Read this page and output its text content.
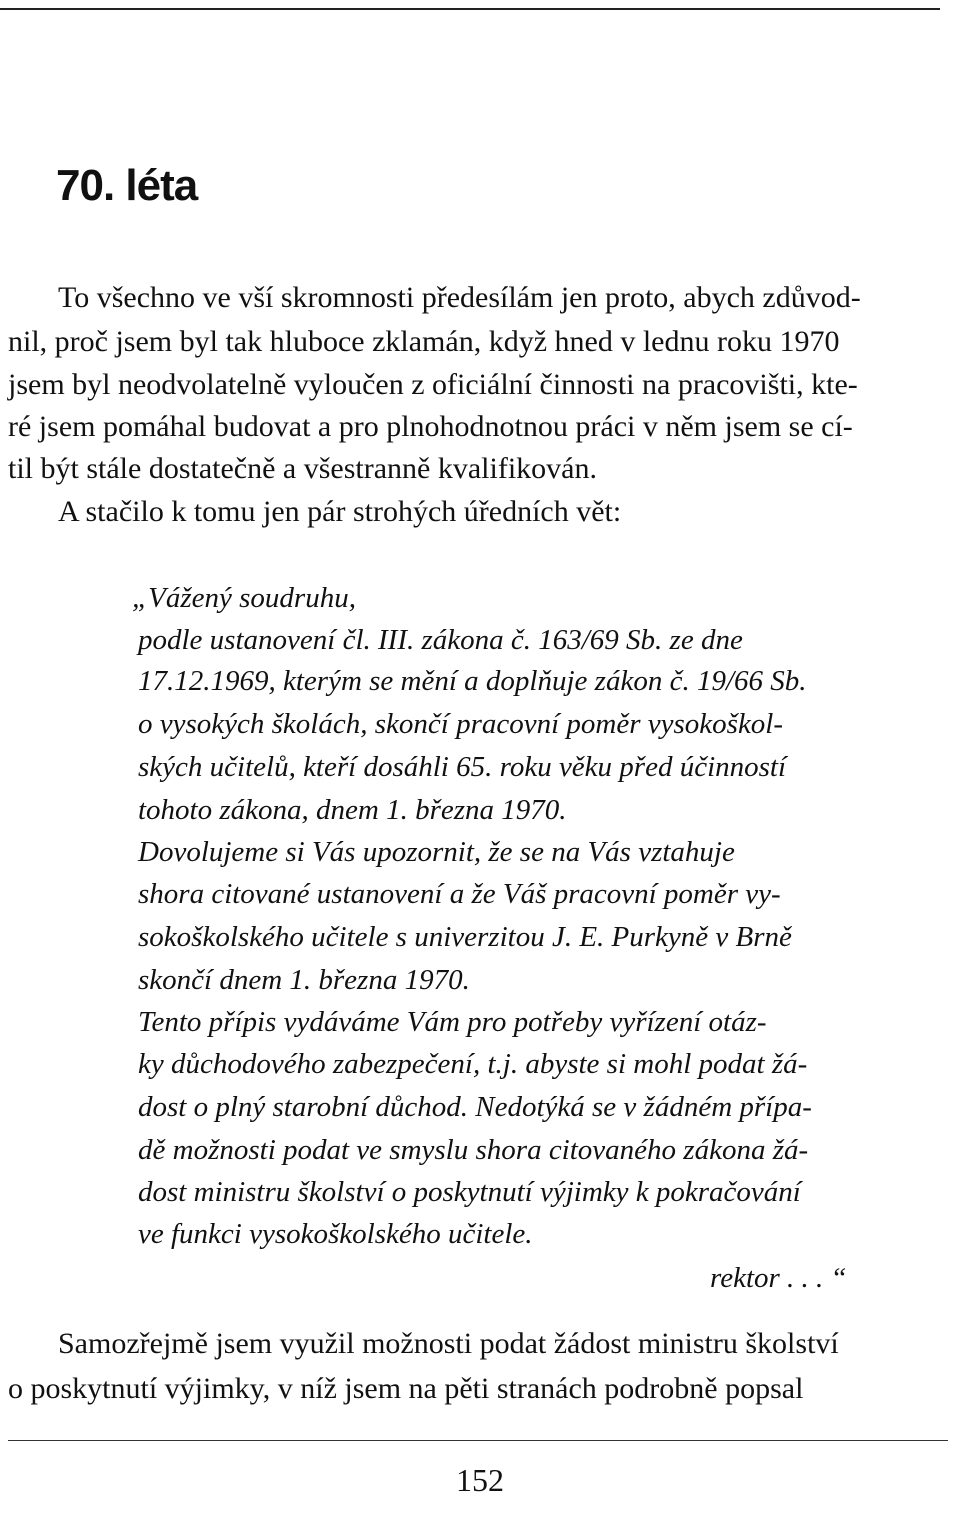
70. léta

To všechno ve vší skromnosti předesílám jen proto, abych zdůvod-

nil, proč jsem byl tak hluboce zklamán, když hned v lednu roku 1970

jsem byl neodvolatelně vyloučen z oficiální činnosti na pracovišti, kte-

ré jsem pomáhal budovat a pro plnohodnotnou práci v něm jsem se cí-

til být stále dostatečně a všestranně kvalifikován.

A stačilo k tomu jen pár strohých úředních vět:

„Vážený soudruhu,

podle ustanovení čl. III. zákona č. 163/69 Sb. ze dne

17.12.1969, kterým se mění a doplňuje zákon č. 19/66 Sb.

o vysokých školách, skončí pracovní poměr vysokoškol-

ských učitelů, kteří dosáhli 65. roku věku před účinností

tohoto zákona, dnem 1. března 1970.

Dovolujeme si Vás upozornit, že se na Vás vztahuje

shora citované ustanovení a že Váš pracovní poměr vy-

sokoškolského učitele s univerzitou J. E. Purkyně v Brně

skončí dnem 1. března 1970.

Tento přípis vydáváme Vám pro potřeby vyřízení otáz-

ky důchodového zabezpečení, t.j. abyste si mohl podat žá-

dost o plný starobní důchod. Nedotýká se v žádném přípa-

dě možnosti podat ve smyslu shora citovaného zákona žá-

dost ministru školství o poskytnutí výjimky k pokračování

ve funkci vysokoškolského učitele.

rektor . . . “

Samozřejmě jsem využil možnosti podat žádost ministru školství

o poskytnutí výjimky, v níž jsem na pěti stranách podrobně popsal

152
